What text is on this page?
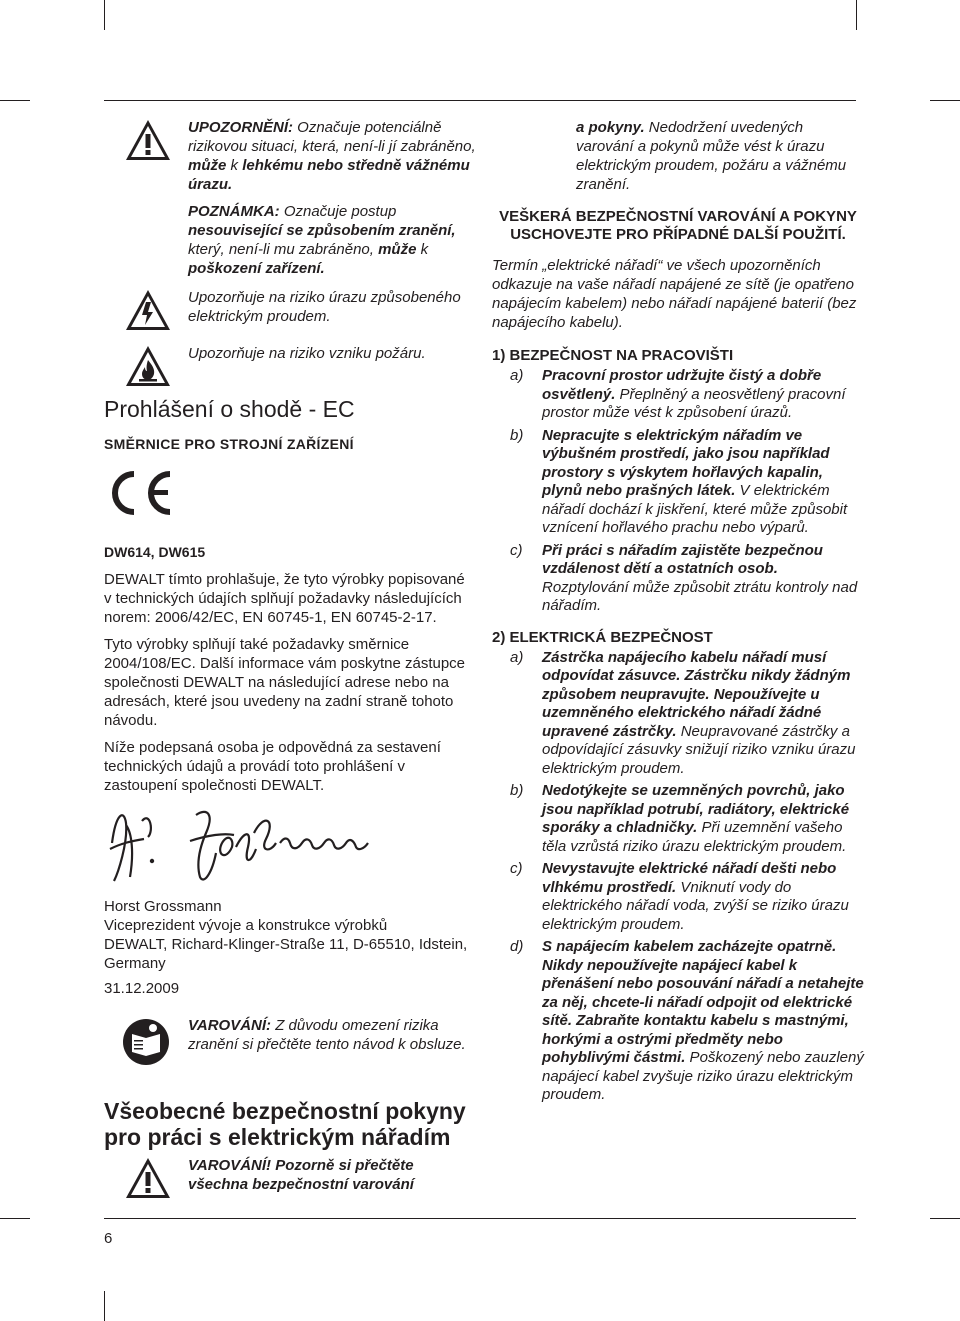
6

UPOZORNĚNÍ: Označuje potenciálně rizikovou situaci, která, není-li jí zabráněno, může k lehkému nebo středně vážnému úrazu.

POZNÁMKA: Označuje postup nesouvisející se způsobením zranění, který, není-li mu zabráněno, může k poškození zařízení.

Upozorňuje na riziko úrazu způsobeného elektrickým proudem.

Upozorňuje na riziko vzniku požáru.

Prohlášení o shodě - EC

SMĚRNICE PRO STROJNÍ ZAŘÍZENÍ

DW614, DW615

DEWALT tímto prohlašuje, že tyto výrobky popisované v technických údajích splňují požadavky následujících norem: 2006/42/EC, EN 60745-1, EN 60745-2-17.

Tyto výrobky splňují také požadavky směrnice 2004/108/EC. Další informace vám poskytne zástupce společnosti DEWALT na následující adrese nebo na adresách, které jsou uvedeny na zadní straně tohoto návodu.

Níže podepsaná osoba je odpovědná za sestavení technických údajů a provádí toto prohlášení v zastoupení společnosti DEWALT.

Horst Grossmann

Viceprezident vývoje a konstrukce výrobků

DEWALT, Richard-Klinger-Straße 11, D-65510, Idstein, Germany

31.12.2009

VAROVÁNÍ: Z důvodu omezení rizika zranění si přečtěte tento návod k obsluze.

Všeobecné bezpečnostní pokyny pro práci s elektrickým nářadím

VAROVÁNÍ! Pozorně si přečtěte všechna bezpečnostní varování

a pokyny. Nedodržení uvedených varování a pokynů může vést k úrazu elektrickým proudem, požáru a vážnému zranění.

VEŠKERÁ BEZPEČNOSTNÍ VAROVÁNÍ A POKYNY USCHOVEJTE PRO PŘÍPADNÉ DALŠÍ POUŽITÍ.

Termín „elektrické nářadí“ ve všech upozorněních odkazuje na vaše nářadí napájené ze sítě (je opatřeno napájecím kabelem) nebo nářadí napájené baterií (bez napájecího kabelu).

1) BEZPEČNOST NA PRACOVIŠTI

a) Pracovní prostor udržujte čistý a dobře osvětlený. Přeplněný a neosvětlený pracovní prostor může vést k způsobení úrazů.
b) Nepracujte s elektrickým nářadím ve výbušném prostředí, jako jsou například prostory s výskytem hořlavých kapalin, plynů nebo prašných látek. V elektrickém nářadí dochází k jiskření, které může způsobit vznícení hořlavého prachu nebo výparů.
c) Při práci s nářadím zajistěte bezpečnou vzdálenost dětí a ostatních osob. Rozptylování může způsobit ztrátu kontroly nad nářadím.

2) ELEKTRICKÁ BEZPEČNOST

a) Zástrčka napájecího kabelu nářadí musí odpovídat zásuvce. Zástrčku nikdy žádným způsobem neupravujte. Nepoužívejte u uzemněného elektrického nářadí žádné upravené zástrčky. Neupravované zástrčky a odpovídající zásuvky snižují riziko vzniku úrazu elektrickým proudem.
b) Nedotýkejte se uzemněných povrchů, jako jsou například potrubí, radiátory, elektrické sporáky a chladničky. Při uzemnění vašeho těla vzrůstá riziko úrazu elektrickým proudem.
c) Nevystavujte elektrické nářadí dešti nebo vlhkému prostředí. Vniknutí vody do elektrického nářadí voda, zvýší se riziko úrazu elektrickým proudem.
d) S napájecím kabelem zacházejte opatrně. Nikdy nepoužívejte napájecí kabel k přenášení nebo posouvání nářadí a netahejte za něj, chcete-li nářadí odpojit od elektrické sítě. Zabraňte kontaktu kabelu s mastnými, horkými a ostrými předměty nebo pohyblivými částmi. Poškozený nebo zauzlený napájecí kabel zvyšuje riziko úrazu elektrickým proudem.
